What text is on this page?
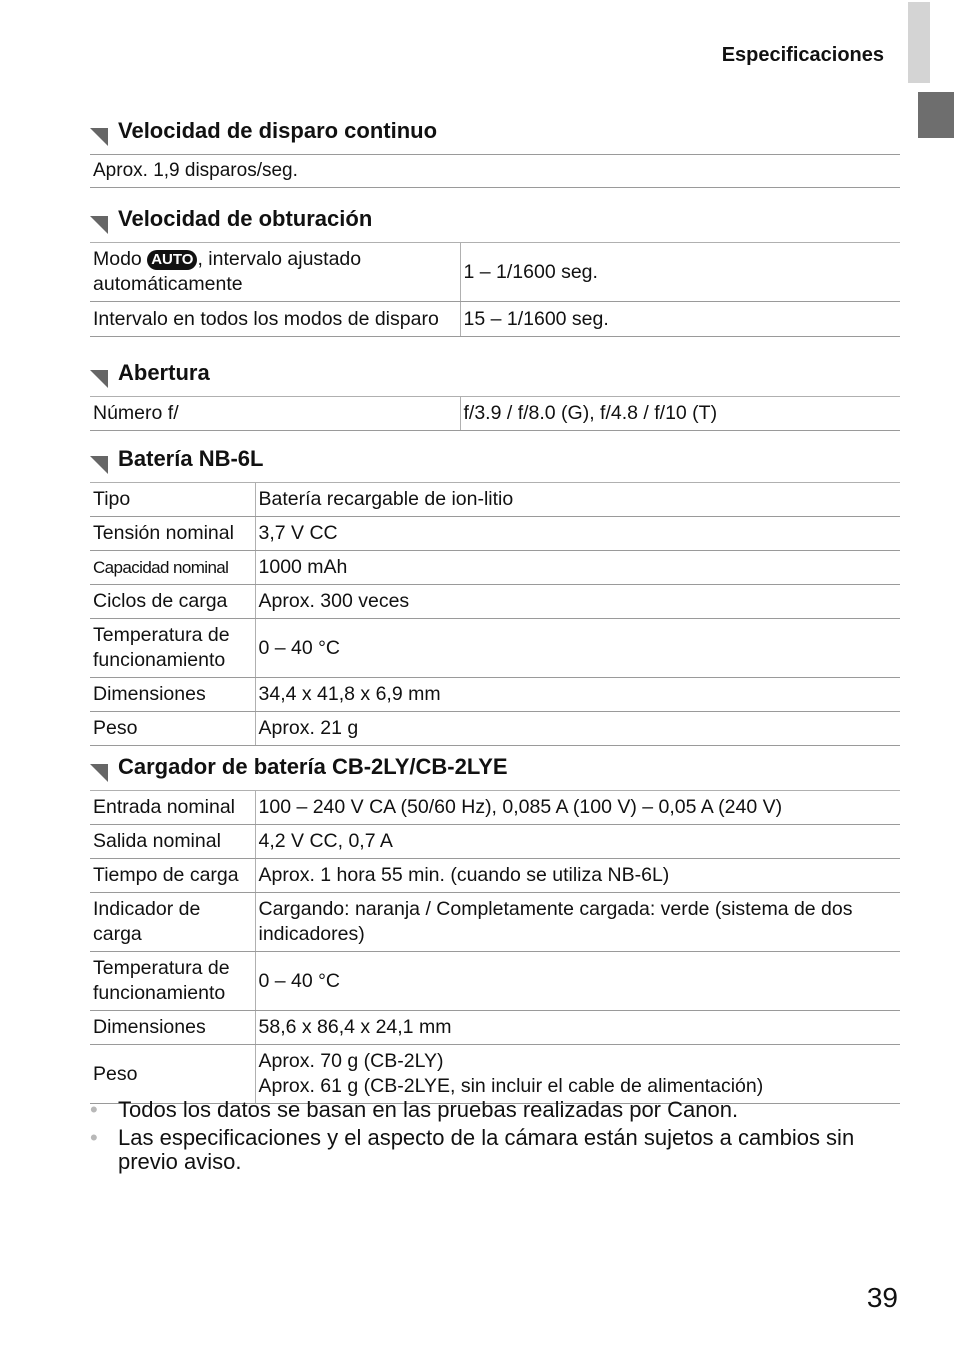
Especificaciones
Velocidad de disparo continuo
Aprox. 1,9 disparos/seg.
Velocidad de obturación
Modo AUTO , intervalo ajustado automáticamente	1 – 1/1600 seg.
Intervalo en todos los modos de disparo	15 – 1/1600 seg.
Abertura
Número f/	f/3.9 / f/8.0 (G), f/4.8 / f/10 (T)
Batería NB-6L
Tipo	Batería recargable de ion-litio
Tensión nominal	3,7 V CC
Capacidad nominal	1000 mAh
Ciclos de carga	Aprox. 300 veces
Temperatura de funcionamiento	0 – 40 °C
Dimensiones	34,4 x 41,8 x 6,9 mm
Peso	Aprox. 21 g
Cargador de batería CB-2LY/CB-2LYE
Entrada nominal	100 – 240 V CA (50/60 Hz), 0,085 A (100 V) – 0,05 A (240 V)
Salida nominal	4,2 V CC, 0,7 A
Tiempo de carga	Aprox. 1 hora 55 min. (cuando se utiliza NB-6L)
Indicador de carga	Cargando: naranja / Completamente cargada: verde (sistema de dos indicadores)
Temperatura de funcionamiento	0 – 40 °C
Dimensiones	58,6 x 86,4 x 24,1 mm
Peso	Aprox. 70 g (CB-2LY)
Aprox. 61 g (CB-2LYE, sin incluir el cable de alimentación)
• Todos los datos se basan en las pruebas realizadas por Canon.
• Las especificaciones y el aspecto de la cámara están sujetos a cambios sin previo aviso.
39
